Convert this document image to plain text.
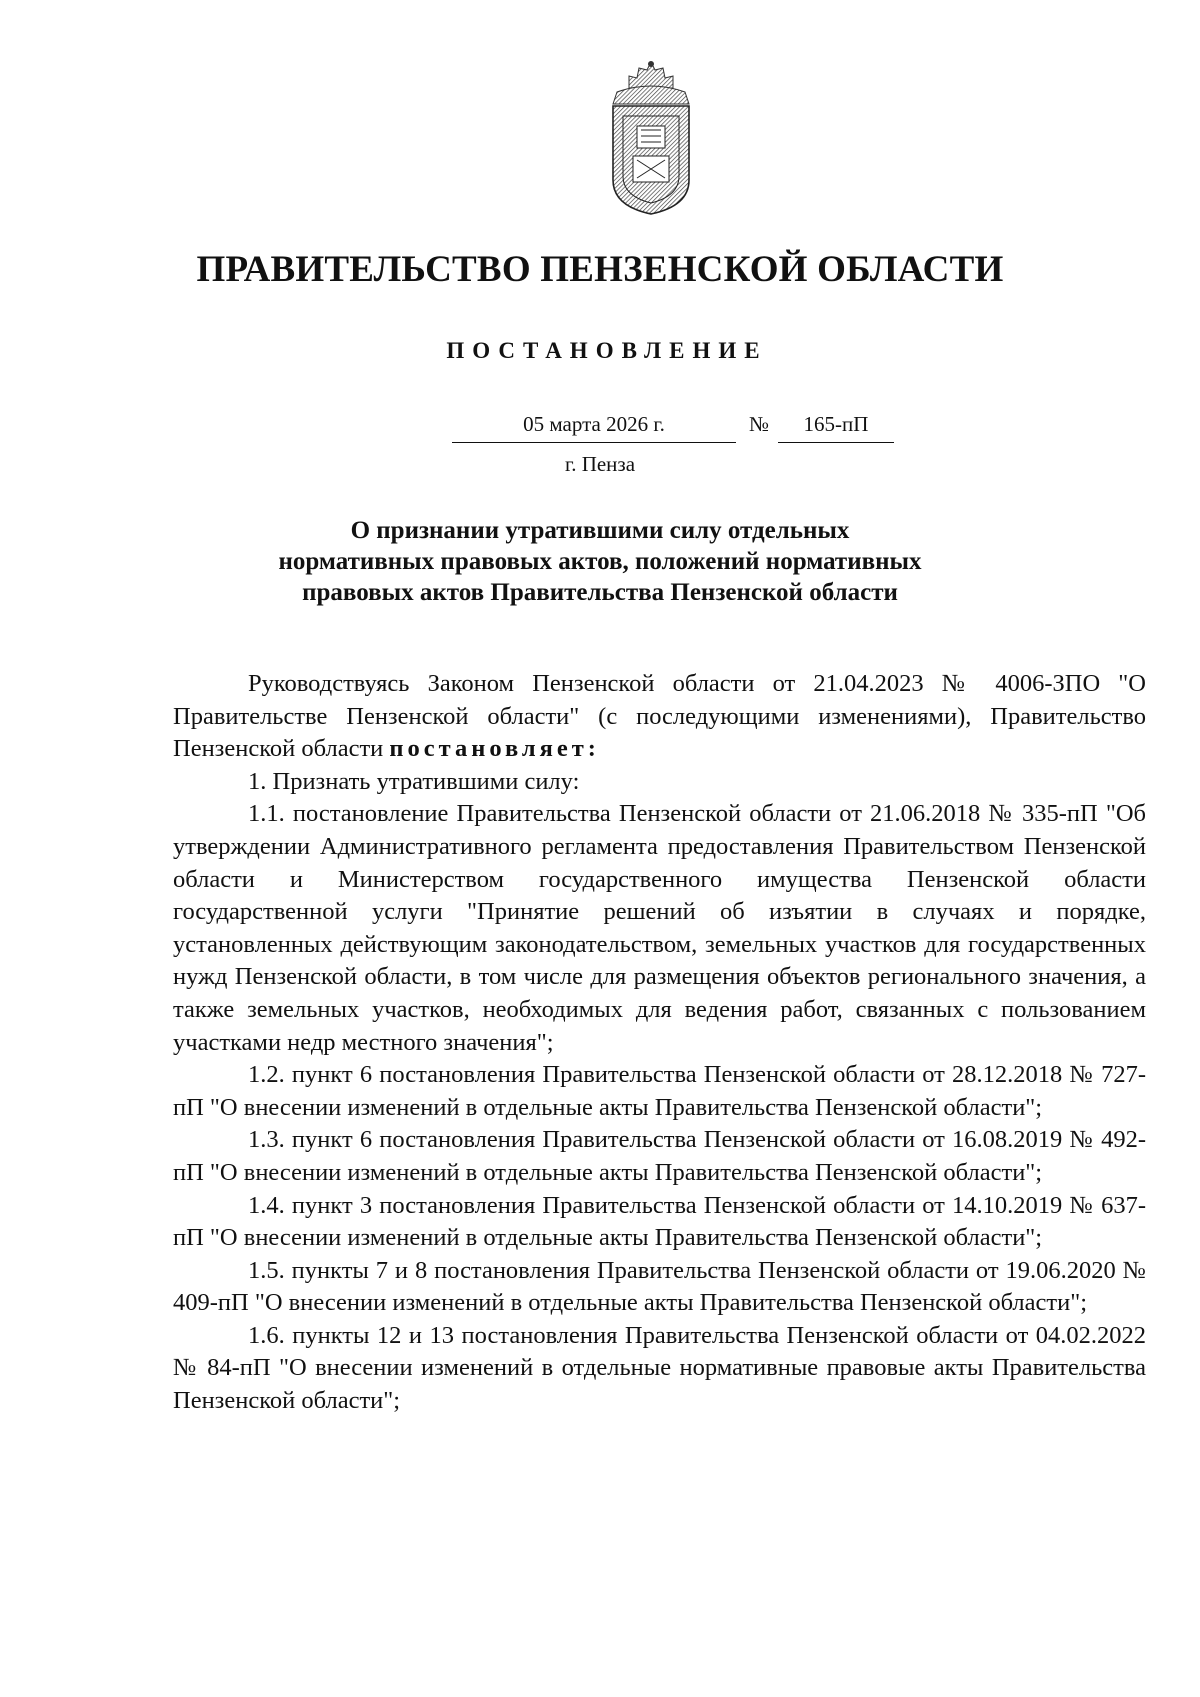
ПРАВИТЕЛЬСТВО ПЕНЗЕНСКОЙ ОБЛАСТИ
ПОСТАНОВЛЕНИЕ
05 марта 2026 г.	№	165-пП
г. Пенза
О признании утратившими силу отдельных
нормативных правовых актов, положений нормативных
правовых актов Правительства Пензенской области

Руководствуясь Законом Пензенской области от 21.04.2023 № 4006-ЗПО "О Правительстве Пензенской области" (с последующими изменениями), Правительство Пензенской области постановляет:

1. Признать утратившими силу:

1.1. постановление Правительства Пензенской области от 21.06.2018 № 335-пП "Об утверждении Административного регламента предоставления Правительством Пензенской области и Министерством государственного имущества Пензенской области государственной услуги "Принятие решений об изъятии в случаях и порядке, установленных действующим законодательством, земельных участков для государственных нужд Пензенской области, в том числе для размещения объектов регионального значения, а также земельных участков, необходимых для ведения работ, связанных с пользованием участками недр местного значения";

1.2. пункт 6 постановления Правительства Пензенской области от 28.12.2018 № 727-пП "О внесении изменений в отдельные акты Правительства Пензенской области";

1.3. пункт 6 постановления Правительства Пензенской области от 16.08.2019 № 492-пП "О внесении изменений в отдельные акты Правительства Пензенской области";

1.4. пункт 3 постановления Правительства Пензенской области от 14.10.2019 № 637-пП "О внесении изменений в отдельные акты Правительства Пензенской области";

1.5. пункты 7 и 8 постановления Правительства Пензенской области от 19.06.2020 № 409-пП "О внесении изменений в отдельные акты Правительства Пензенской области";

1.6. пункты 12 и 13 постановления Правительства Пензенской области от 04.02.2022 № 84-пП "О внесении изменений в отдельные нормативные правовые акты Правительства Пензенской области";
